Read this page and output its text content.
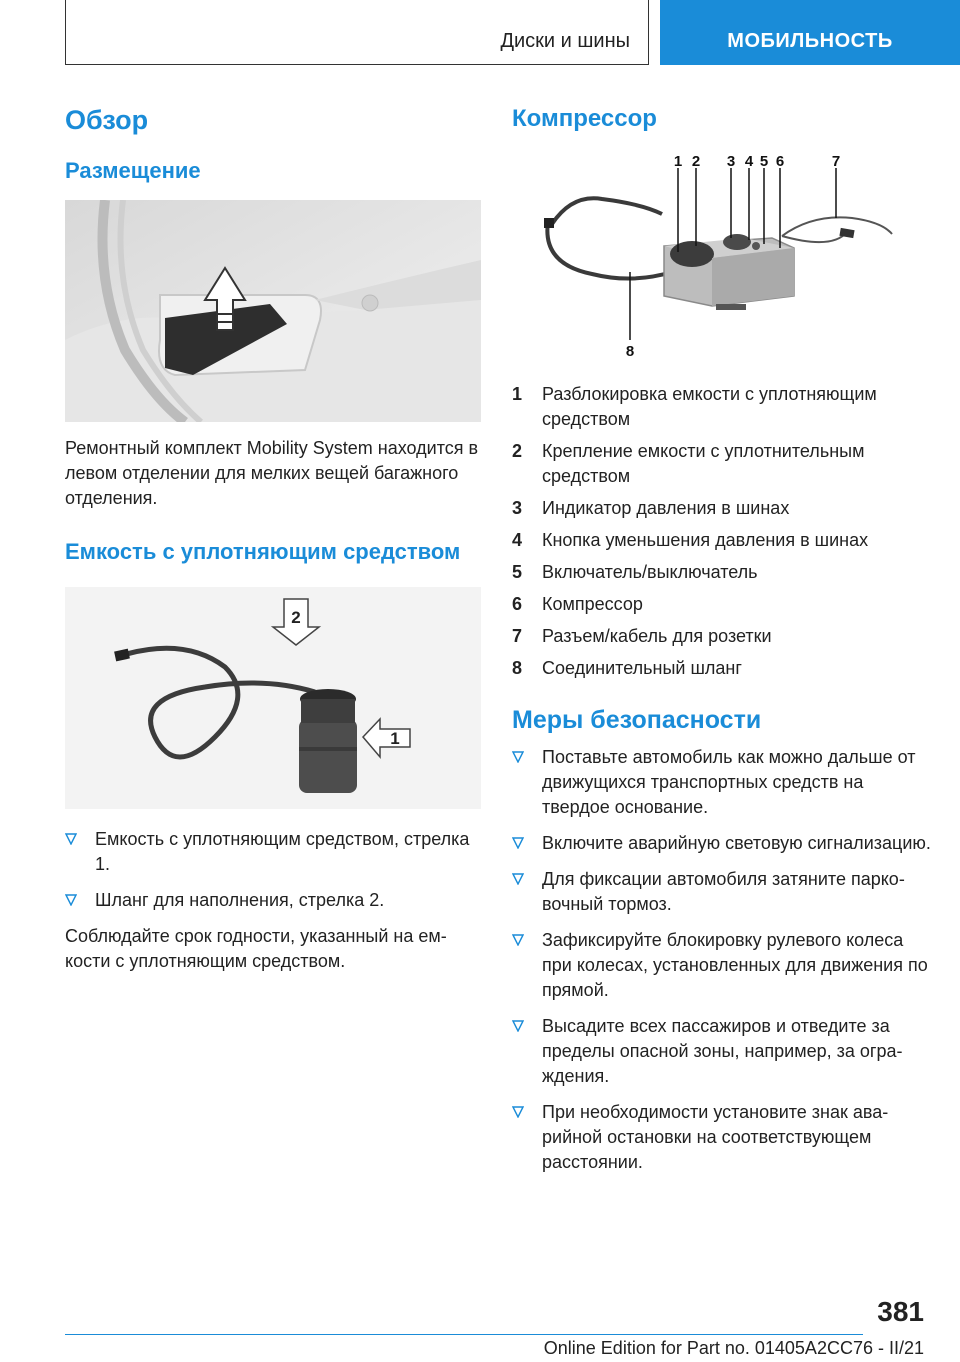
Диски и шины	МОБИЛЬНОСТЬ
Обзор
Размещение

Ремонтный комплект Mobility System находится в левом отделении для мелких вещей багажного отделения.

Емкость с уплотняющим средством
2
1
Емкость с уплотняющим средством, стрелка 1.
Шланг для наполнения, стрелка 2.

Соблюдайте срок годности, указанный на емкости с уплотняющим средством.

Компрессор
1 2 3 4 5 6	7
8
1 Разблокировка емкости с уплотняющим средством
2 Крепление емкости с уплотнительным средством
3 Индикатор давления в шинах
4 Кнопка уменьшения давления в шинах
5 Включатель/выключатель
6 Компрессор
7 Разъем/кабель для розетки
8 Соединительный шланг
Меры безопасности
Поставьте автомобиль как можно дальше от движущихся транспортных средств на твердое основание.
Включите аварийную световую сигнализацию.
Для фиксации автомобиля затяните парковочный тормоз.
Зафиксируйте блокировку рулевого колеса при колесах, установленных для движения по прямой.
Высадите всех пассажиров и отведите за пределы опасной зоны, например, за ограждения.
При необходимости установите знак аварийной остановки на соответствующем расстоянии.
381
Online Edition for Part no. 01405A2CC76 - II/21
